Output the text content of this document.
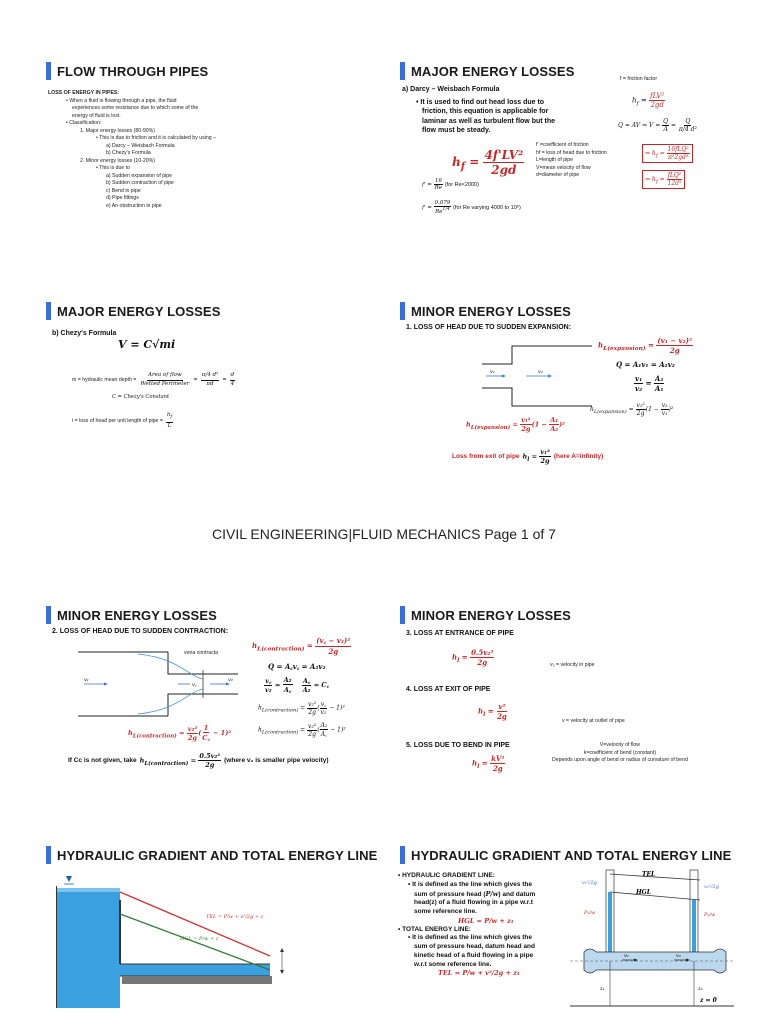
FLOW THROUGH PIPES
LOSS OF ENERGY IN PIPES:
• When a fluid is flowing through a pipe, the fluid
experiences some resistance due to which some of the
energy of fluid is lost.
• Classification:
1. Major energy losses (80-90%)
• This is due to friction and it is calculated by using –
a) Darcy – Weisbach Formula
b) Chezy's Formula
2. Minor energy losses (10-20%)
• This is due to
a) Sudden expansion of pipe
b) Sudden contraction of pipe
c) Bend in pipe
d) Pipe fittings
e) An obstruction in pipe
MAJOR ENERGY LOSSES
a) Darcy – Weisbach Formula
• It is used to find out head loss due to
friction, this equation is applicable for
laminar as well as turbulent flow but the
flow must be steady.
f = friction factor
$h_f = \frac{\text{fLV²}}{2gd}$
Q = AV ⇒ $V = \frac{Q}{A} = \frac{Q}{\text{π/4 d²}}$
$h_f = \frac{\text{4f'LV²}}{2gd}$
f' =coefficient of friction
hf = loss of head due to friction
L=length of pipe
V=mean velocity of flow
d=diameter of pipe
⇒ $h_f = \frac{\text{16fLQ²}}{\text{π²2gd⁵}}$
⇒ $h_f = \frac{\text{fLQ²}}{\text{12d⁵}}$
$f' = \frac{16}{Re} (for$ Re<2000)
$f' = \frac{0.079}{Re^{1/4}} (for$ Re varying 4000 to 10⁶)
MAJOR ENERGY LOSSES
b) Chezy's Formula
V = C√mi
m = hydraulic mean depth = $\frac{\text{Area of flow}}{\text{Wetted Perimeter}} = \frac{\text{π/4 d²}}{\pi d} = \frac{d}{4}$
C = Chezy's Constant
i = loss of head per unit length of pipe = $\frac{h_f}{L}$
MINOR ENERGY LOSSES
1. LOSS OF HEAD DUE TO SUDDEN EXPANSION:
v₁	v₂
$h_{L(expansion)} = \frac{\text{(v₁ − v₂)²}}{2g}$
Q = A₁v₁ = A₂v₂
$\frac{\text{v₁}}{\text{v₂}} = \frac{\text{A₂}}{\text{A₁}}$
$h_{L(expansion)} = \frac{\text{v₁²}}{2g} (1 - \frac{\text{v₂}}{\text{v₁}} )^2$
$h_{L(expansion)} = \frac{\text{v₁²}}{2g} (1 - \frac{\text{A₁}}{\text{A₂}} )^2$
Loss from exit of pipe $h_l = \frac{\text{v₁²}}{2g}$ (here A=infinity)
CIVIL ENGINEERING|FLUID MECHANICS Page 1 of 7
MINOR ENERGY LOSSES
2. LOSS OF HEAD DUE TO SUDDEN CONTRACTION:
v₁
v꜀
v₂
vena contracta
$h_{L(contraction)} = \frac{\text{(v꜀ − v₂)²}}{2g}$
Q = A꜀v꜀ = A₂v₂
$\frac{v꜀}{\text{v₂}} = \frac{\text{A₂}}{A꜀}$
$\frac{A꜀}{\text{A₂}}$ = C꜀
$h_{L(contraction)} = \frac{\text{v₂²}}{2g}$ ( $\frac{v꜀}{\text{v₂}} - 1)^2$
$h_{L(contraction)} = \frac{\text{v₂²}}{2g}$ ( $\frac{\text{A₂}}{A꜀} - 1)^2$
$h_{L(contraction)} = \frac{\text{v₂²}}{2g}$ ( $\frac{1}{C꜀} - 1)^2$
If Cc is not given, take $h_{L(contraction)} = \frac{\text{0.5v₂²}}{2g}$ (where v₂ is smaller pipe velocity)
MINOR ENERGY LOSSES
3. LOSS AT ENTRANCE OF PIPE
$h_l = \frac{\text{0.5v₂²}}{2g}$	v₂ = velocity in pipe
4. LOSS AT EXIT OF PIPE
$h_l = \frac{\text{v²}}{2g}$	v = velocity at outlet of pipe
5. LOSS DUE TO BEND IN PIPE
$h_l = \frac{\text{kV²}}{2g}$
V=velocity of flow
k=coefficient of bend (constant)
Depends upon angle of bend or radius of curvature of bend
HYDRAULIC GRADIENT AND TOTAL ENERGY LINE
TEL = P/w + v²/2g + z
HGL = P/w + z
HYDRAULIC GRADIENT AND TOTAL ENERGY LINE
• HYDRAULIC GRADIENT LINE:
• It is defined as the line which gives the
sum of pressure head (P/w) and datum
head(z) of a fluid flowing in a pipe w.r.t
some reference line.
HGL = P/w + z₁
• TOTAL ENERGY LINE:
• It is defined as the line which gives the
sum of pressure head, datum head and
kinetic head of a fluid flowing in a pipe
w.r.t some reference line.
TEL = P/w + v²/2g + z₁
TEL
HGL
v₁²/2g
P₁/w
v₂²/2g
P₂/w
v₁	v₂
z₁	z₂
z = 0
